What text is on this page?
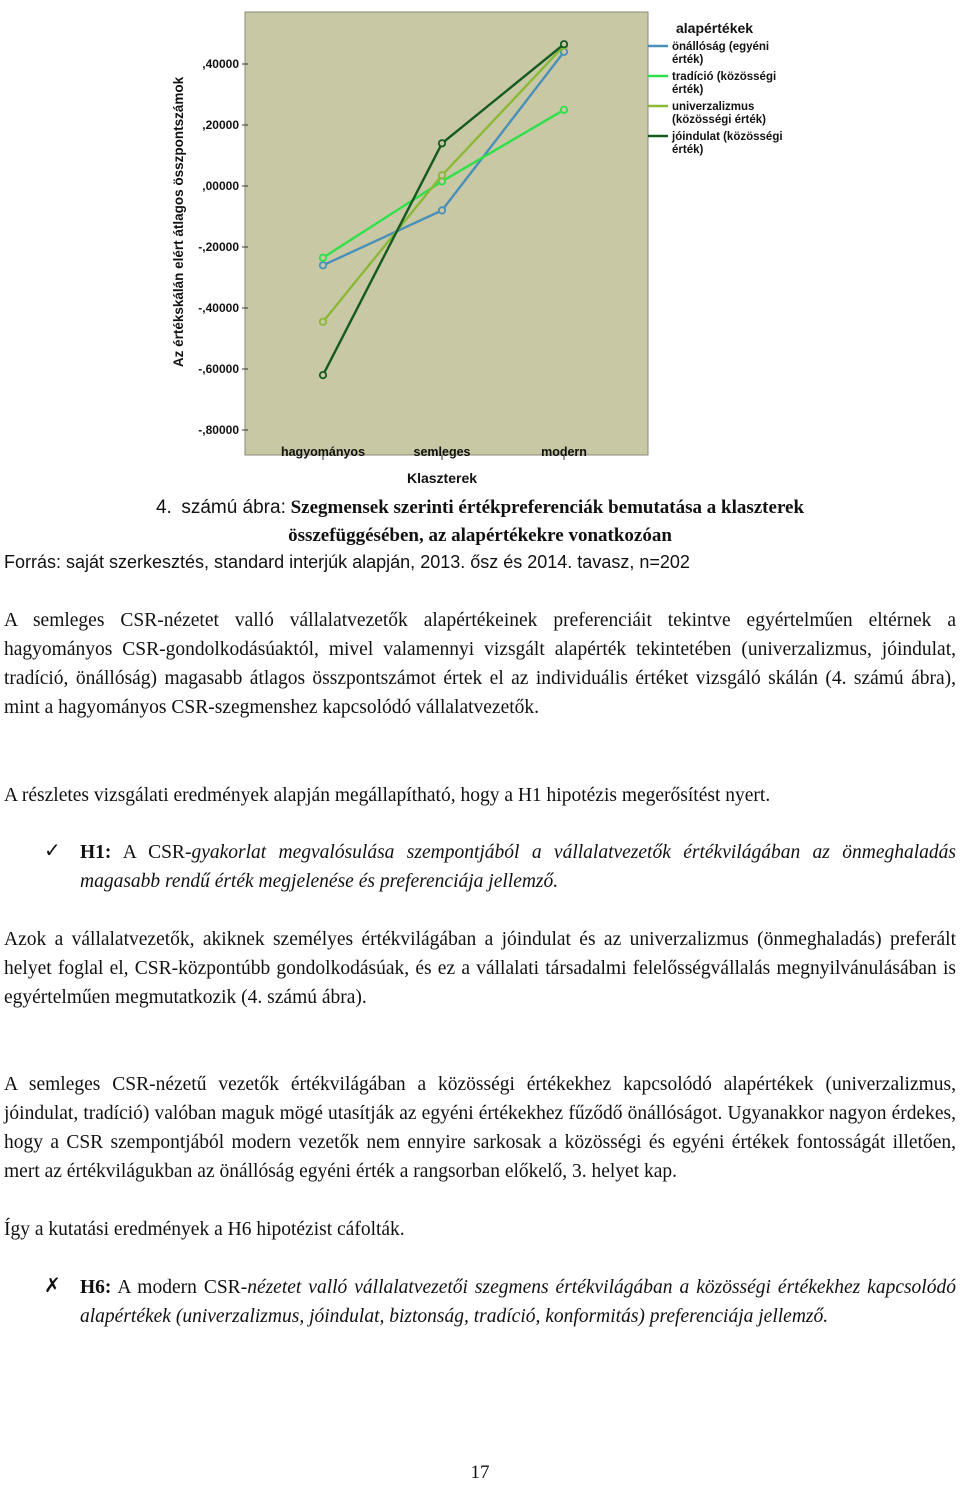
Az értékskálán elért átlagos összpontszámok
Klaszterek
,40000
,20000
,00000
-,20000
-,40000
-,60000
-,80000
hagyományos	semleges	modern
alapértékek
önállóság (egyéni
érték)
tradíció (közösségi
érték)
univerzalizmus
(közösségi érték)
jóindulat (közösségi
érték)
4. számú ábra: Szegmensek szerinti értékpreferenciák bemutatása a klaszterek
összefüggésében, az alapértékekre vonatkozóan
Forrás: saját szerkesztés, standard interjúk alapján, 2013. ősz és 2014. tavasz, n=202
A semleges CSR-nézetet valló vállalatvezetők alapértékeinek preferenciáit tekintve egyértelműen eltérnek a hagyományos CSR-gondolkodásúaktól, mivel valamennyi vizsgált alapérték tekintetében (univerzalizmus, jóindulat, tradíció, önállóság) magasabb átlagos összpontszámot értek el az individuális értéket vizsgáló skálán (4. számú ábra), mint a hagyományos CSR-szegmenshez kapcsolódó vállalatvezetők.
A részletes vizsgálati eredmények alapján megállapítható, hogy a H1 hipotézis megerősítést nyert.
✓ H1: A CSR-gyakorlat megvalósulása szempontjából a vállalatvezetők értékvilágában az önmeghaladás magasabb rendű érték megjelenése és preferenciája jellemző.
Azok a vállalatvezetők, akiknek személyes értékvilágában a jóindulat és az univerzalizmus (önmeghaladás) preferált helyet foglal el, CSR-központúbb gondolkodásúak, és ez a vállalati társadalmi felelősségvállalás megnyilvánulásában is egyértelműen megmutatkozik (4. számú ábra).
A semleges CSR-nézetű vezetők értékvilágában a közösségi értékekhez kapcsolódó alapértékek (univerzalizmus, jóindulat, tradíció) valóban maguk mögé utasítják az egyéni értékekhez fűződő önállóságot. Ugyanakkor nagyon érdekes, hogy a CSR szempontjából modern vezetők nem ennyire sarkosak a közösségi és egyéni értékek fontosságát illetően, mert az értékvilágukban az önállóság egyéni érték a rangsorban előkelő, 3. helyet kap.
Így a kutatási eredmények a H6 hipotézist cáfolták.
✗ H6: A modern CSR-nézetet valló vállalatvezetői szegmens értékvilágában a közösségi értékekhez kapcsolódó alapértékek (univerzalizmus, jóindulat, biztonság, tradíció, konformitás) preferenciája jellemző.
17
